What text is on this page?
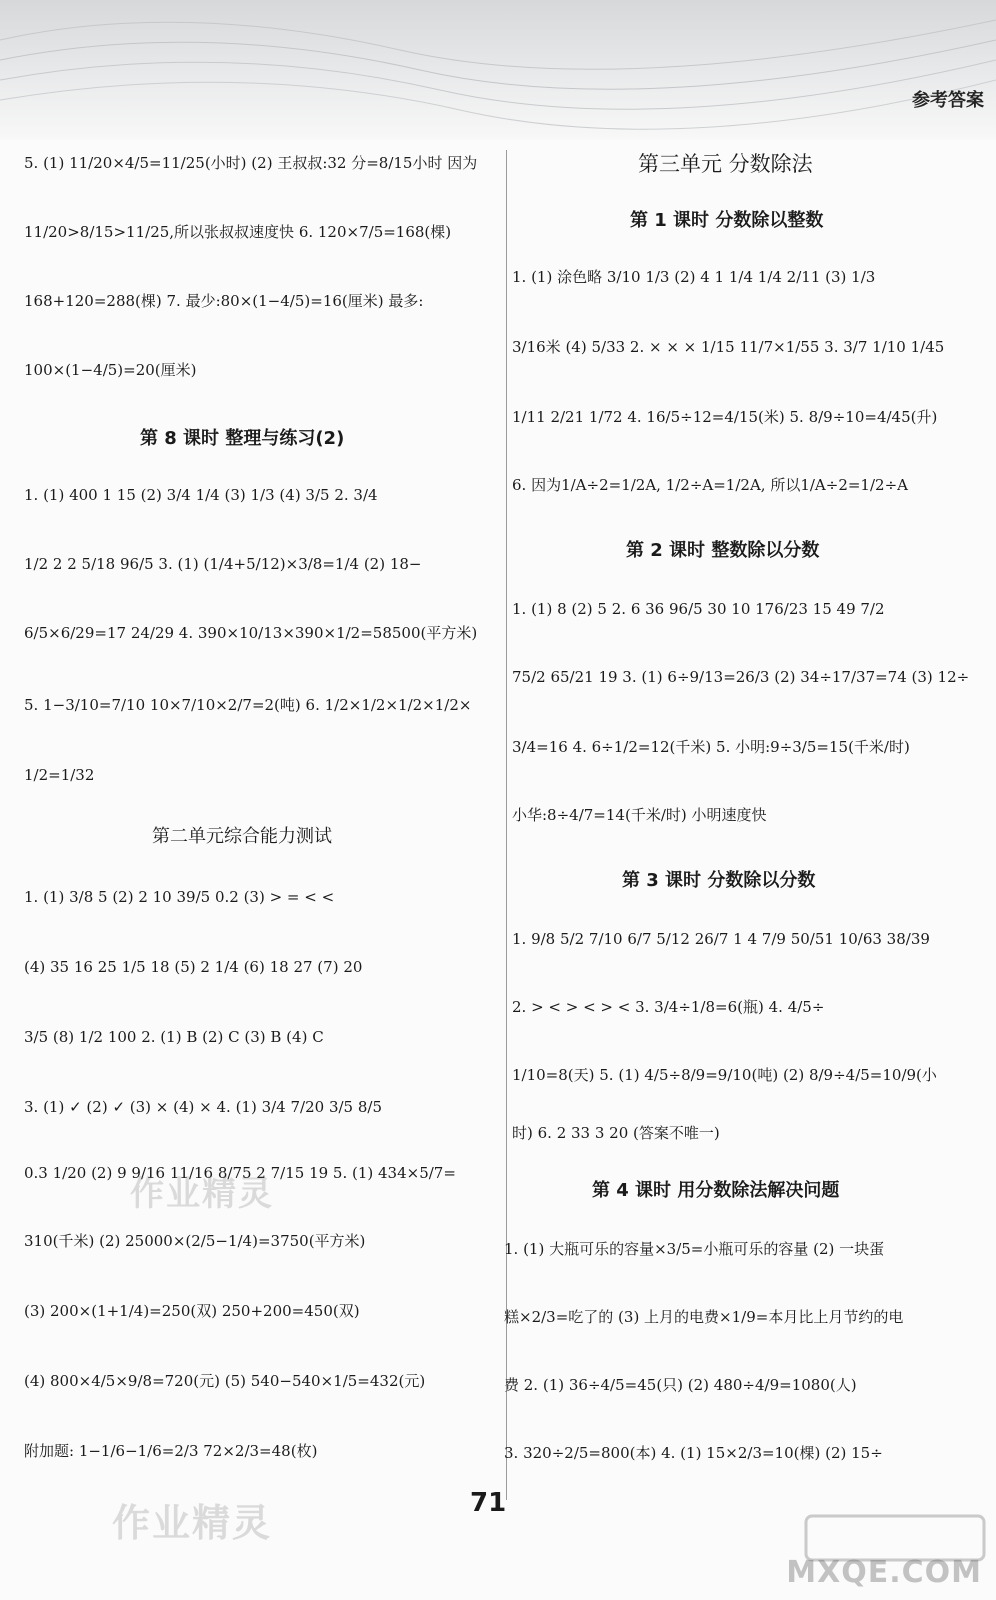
参考答案
5. (1) 11/20×4/5=11/25(小时) (2) 王叔叔:32 分=8/15小时 因为
11/20>8/15>11/25,所以张叔叔速度快 6. 120×7/5=168(棵)
168+120=288(棵) 7. 最少:80×(1−4/5)=16(厘米) 最多:
100×(1−4/5)=20(厘米)
第 8 课时 整理与练习(2)
1. (1) 400 1 15 (2) 3/4 1/4 (3) 1/3 (4) 3/5 2. 3/4
1/2 2 2 5/18 96/5 3. (1) (1/4+5/12)×3/8=1/4 (2) 18−
6/5×6/29=17 24/29 4. 390×10/13×390×1/2=58500(平方米)
5. 1−3/10=7/10 10×7/10×2/7=2(吨) 6. 1/2×1/2×1/2×1/2×
1/2=1/32
第二单元综合能力测试
1. (1) 3/8 5 (2) 2 10 39/5 0.2 (3) > = < <
(4) 35 16 25 1/5 18 (5) 2 1/4 (6) 18 27 (7) 20
3/5 (8) 1/2 100 2. (1) B (2) C (3) B (4) C
3. (1) ✓ (2) ✓ (3) × (4) × 4. (1) 3/4 7/20 3/5 8/5
0.3 1/20 (2) 9 9/16 11/16 8/75 2 7/15 19 5. (1) 434×5/7=
310(千米) (2) 25000×(2/5−1/4)=3750(平方米)
(3) 200×(1+1/4)=250(双) 250+200=450(双)
(4) 800×4/5×9/8=720(元) (5) 540−540×1/5=432(元)
附加题: 1−1/6−1/6=2/3 72×2/3=48(枚)
第三单元 分数除法
第 1 课时 分数除以整数
1. (1) 涂色略 3/10 1/3 (2) 4 1 1/4 1/4 2/11 (3) 1/3
3/16米 (4) 5/33 2. × × × 1/15 11/7×1/55 3. 3/7 1/10 1/45
1/11 2/21 1/72 4. 16/5÷12=4/15(米) 5. 8/9÷10=4/45(升)
6. 因为1/A÷2=1/2A, 1/2÷A=1/2A, 所以1/A÷2=1/2÷A
第 2 课时 整数除以分数
1. (1) 8 (2) 5 2. 6 36 96/5 30 10 176/23 15 49 7/2
75/2 65/21 19 3. (1) 6÷9/13=26/3 (2) 34÷17/37=74 (3) 12÷
3/4=16 4. 6÷1/2=12(千米) 5. 小明:9÷3/5=15(千米/时)
小华:8÷4/7=14(千米/时) 小明速度快
第 3 课时 分数除以分数
1. 9/8 5/2 7/10 6/7 5/12 26/7 1 4 7/9 50/51 10/63 38/39
2. > < > < > < 3. 3/4÷1/8=6(瓶) 4. 4/5÷
1/10=8(天) 5. (1) 4/5÷8/9=9/10(吨) (2) 8/9÷4/5=10/9(小
时) 6. 2 33 3 20 (答案不唯一)
第 4 课时 用分数除法解决问题
1. (1) 大瓶可乐的容量×3/5=小瓶可乐的容量 (2) 一块蛋
糕×2/3=吃了的 (3) 上月的电费×1/9=本月比上月节约的电
费 2. (1) 36÷4/5=45(只) (2) 480÷4/9=1080(人)
3. 320÷2/5=800(本) 4. (1) 15×2/3=10(棵) (2) 15÷
71
作业精灵
作业精灵
MXQE.COM
